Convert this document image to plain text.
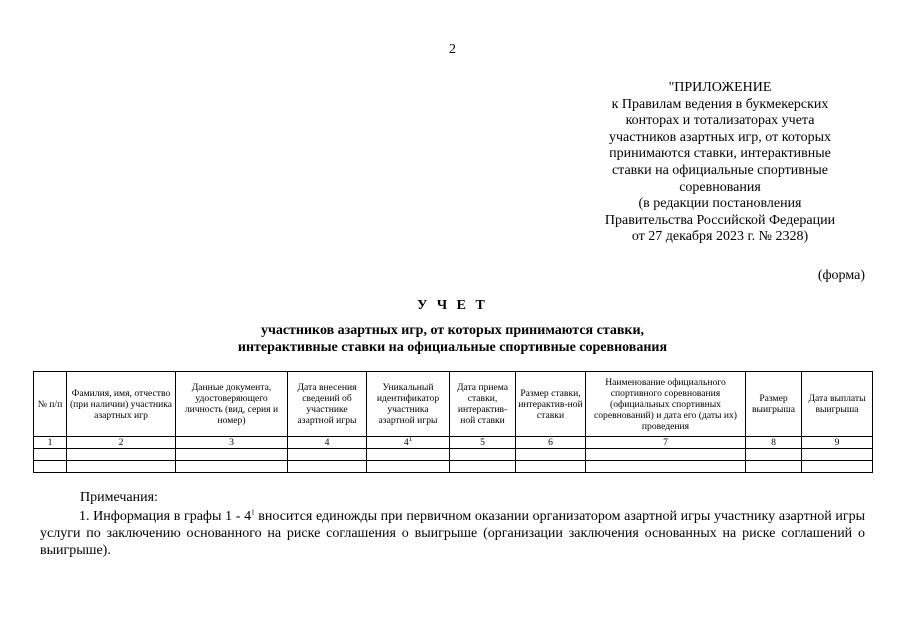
2
"ПРИЛОЖЕНИЕ
к Правилам ведения в букмекерских
конторах и тотализаторах учета
участников азартных игр, от которых
принимаются ставки, интерактивные
ставки на официальные спортивные
соревнования
(в редакции постановления
Правительства Российской Федерации
от 27 декабря 2023 г. № 2328)
(форма)
У Ч Е Т
участников азартных игр, от которых принимаются ставки,
интерактивные ставки на официальные спортивные соревнования
№ п/п	Фамилия, имя, отчество (при наличии) участника азартных игр	Данные документа, удостоверяющего личность (вид, серия и номер)	Дата внесения сведений об участнике азартной игры	Уникальный идентификатор участника азартной игры	Дата приема ставки, интерактив-ной ставки	Размер ставки, интерактив-ной ставки	Наименование официального спортивного соревнования (официальных спортивных соревнований) и дата его (даты их) проведения	Размер выигрыша	Дата выплаты выигрыша
1	2	3	4	$4^1$	5	6	7	8	9

Примечания:
1. Информация в графы $1 - 4^1$ вносится единожды при первичном оказании организатором азартной игры участнику азартной игры услуги по заключению основанного на риске соглашения о выигрыше (организации заключения основанных на риске соглашений о выигрыше).
